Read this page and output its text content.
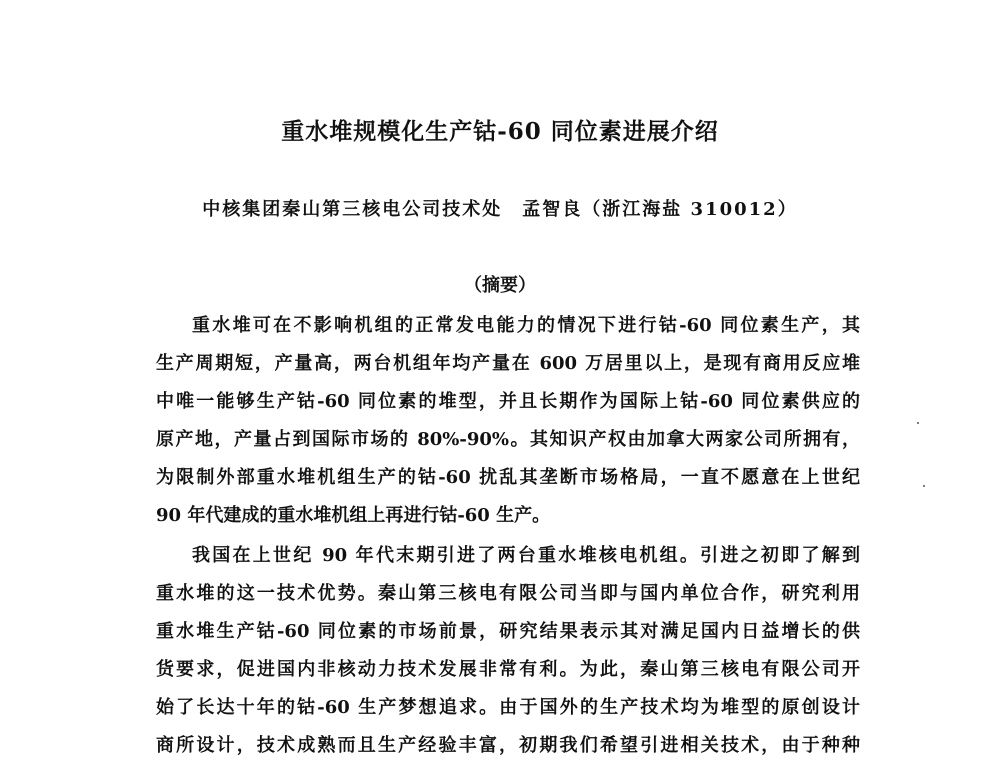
重水堆规模化生产钴-60 同位素进展介绍
中核集团秦山第三核电公司技术处　孟智良（浙江海盐 310012）
（摘要）
重水堆可在不影响机组的正常发电能力的情况下进行钴-60 同位素生产，其
生产周期短，产量高，两台机组年均产量在 600 万居里以上，是现有商用反应堆
中唯一能够生产钴-60 同位素的堆型，并且长期作为国际上钴-60 同位素供应的
原产地，产量占到国际市场的 80%-90%。其知识产权由加拿大两家公司所拥有，
为限制外部重水堆机组生产的钴-60 扰乱其垄断市场格局，一直不愿意在上世纪
90 年代建成的重水堆机组上再进行钴-60 生产。
我国在上世纪 90 年代末期引进了两台重水堆核电机组。引进之初即了解到
重水堆的这一技术优势。秦山第三核电有限公司当即与国内单位合作，研究利用
重水堆生产钴-60 同位素的市场前景，研究结果表示其对满足国内日益增长的供
货要求，促进国内非核动力技术发展非常有利。为此，秦山第三核电有限公司开
始了长达十年的钴-60 生产梦想追求。由于国外的生产技术均为堆型的原创设计
商所设计，技术成熟而且生产经验丰富，初期我们希望引进相关技术，由于种种
